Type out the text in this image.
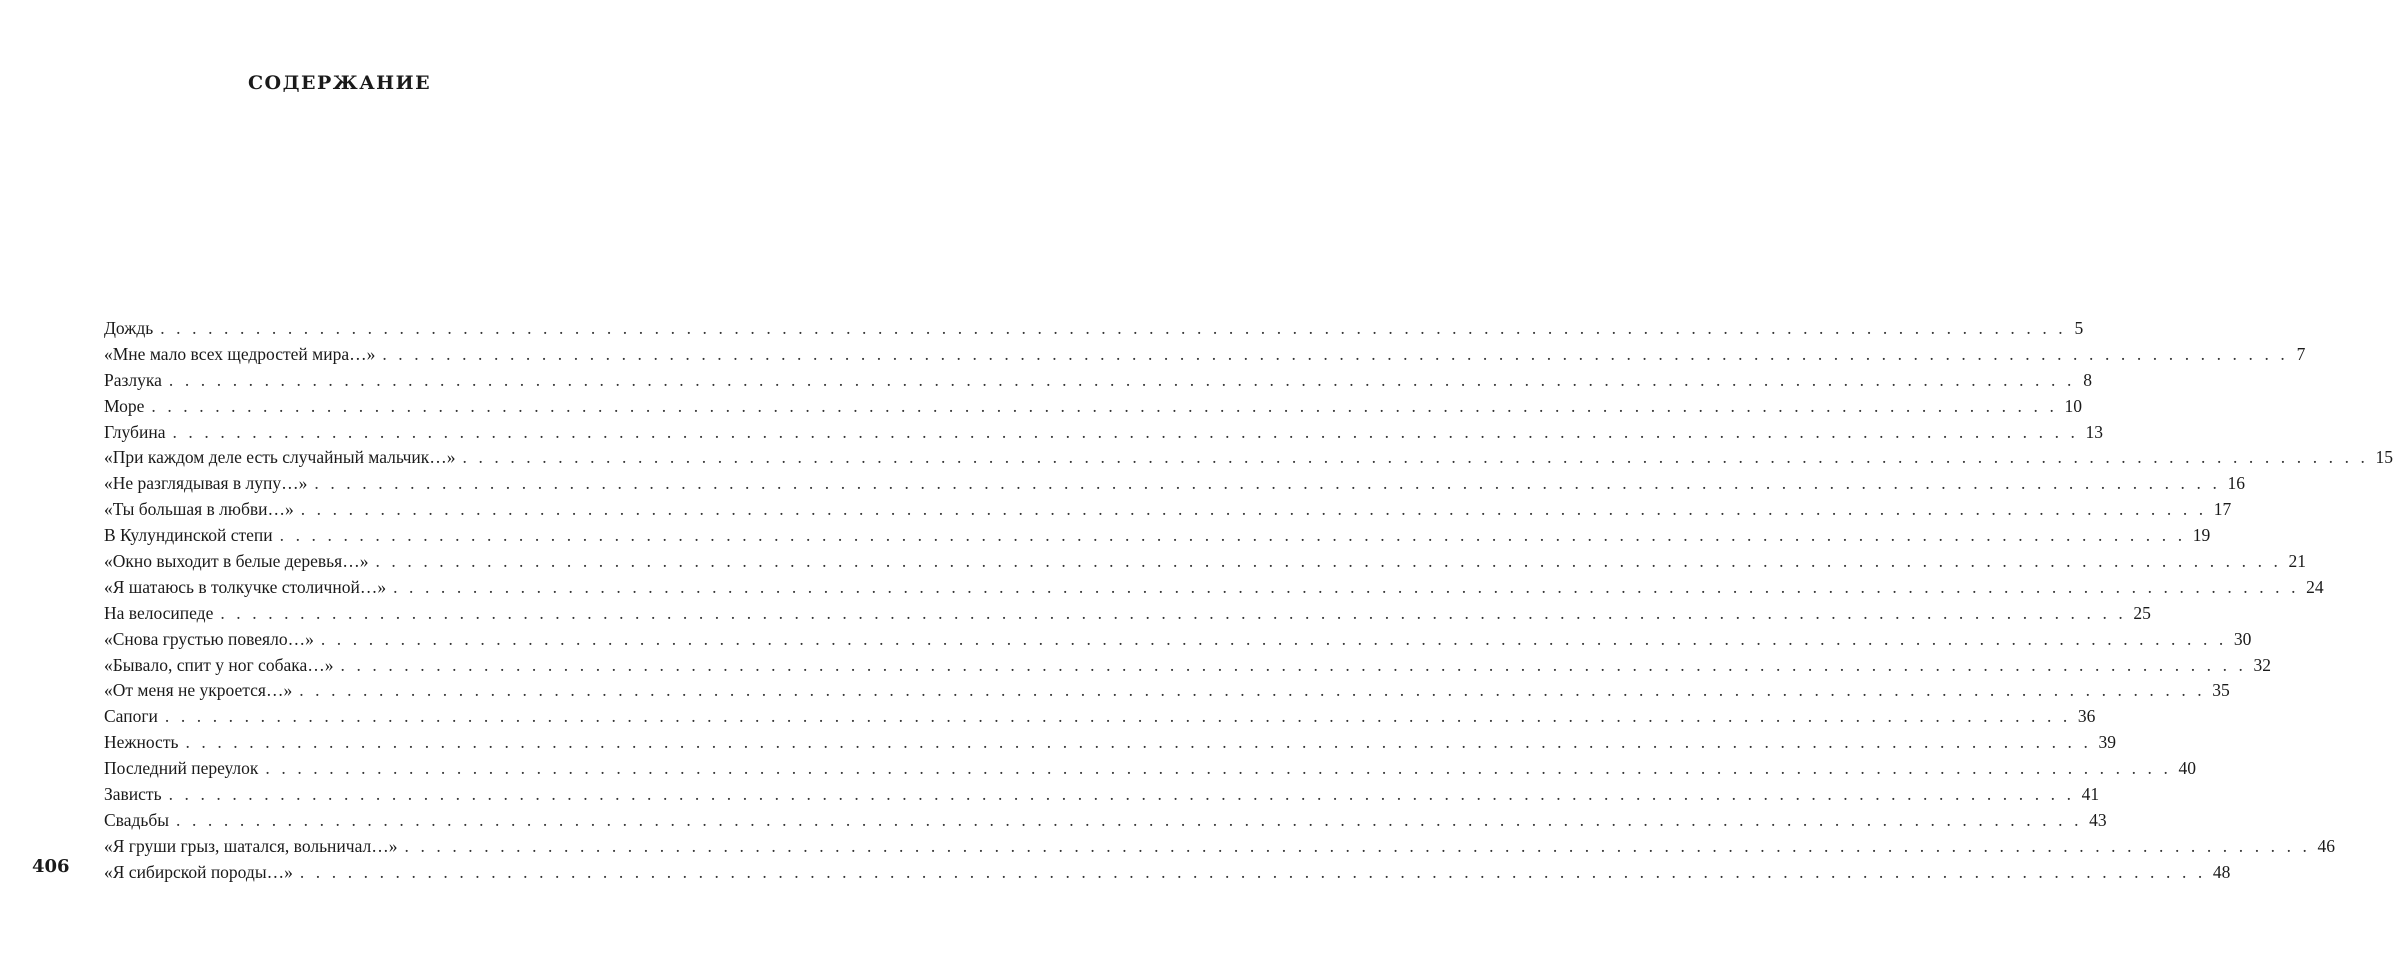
СОДЕРЖАНИЕ
Дождь . . . . . . . . . . . . . . . . . . . . . . . . . . . . . . . . . . . . . . . . . . . . . . . . . . . . . . . . . . . . . . . . . . . . . . . . . . . . . . . . . . . . . . . . . . . . . . . . . . . . . . . . . . . . . . . . . . . . . . . . 5
«Мне мало всех щедростей мира…» . . . . . . . . . . . . . . . . . . . . . . . . . . . . . . . . . . . . . . . . . . . . . . . . . . . . . . . . . . . . . . . . . . . . . . . . . . . . . . . . . . . . . . . . . . . . . . . . . . . . . . . . . . . . . . . . . . . . . . . . 7
Разлука . . . . . . . . . . . . . . . . . . . . . . . . . . . . . . . . . . . . . . . . . . . . . . . . . . . . . . . . . . . . . . . . . . . . . . . . . . . . . . . . . . . . . . . . . . . . . . . . . . . . . . . . . . . . . . . . . . . . . . . . 8
Море . . . . . . . . . . . . . . . . . . . . . . . . . . . . . . . . . . . . . . . . . . . . . . . . . . . . . . . . . . . . . . . . . . . . . . . . . . . . . . . . . . . . . . . . . . . . . . . . . . . . . . . . . . . . . . . . . . . . . . . . 10
Глубина . . . . . . . . . . . . . . . . . . . . . . . . . . . . . . . . . . . . . . . . . . . . . . . . . . . . . . . . . . . . . . . . . . . . . . . . . . . . . . . . . . . . . . . . . . . . . . . . . . . . . . . . . . . . . . . . . . . . . . . . 13
«При каждом деле есть случайный мальчик…» . . . . . . . . . . . . . . . . . . . . . . . . . . . . . . . . . . . . . . . . . . . . . . . . . . . . . . . . . . . . . . . . . . . . . . . . . . . . . . . . . . . . . . . . . . . . . . . . . . . . . . . . . . . . . . . . . . . . . . . . 15
«Не разглядывая в лупу…» . . . . . . . . . . . . . . . . . . . . . . . . . . . . . . . . . . . . . . . . . . . . . . . . . . . . . . . . . . . . . . . . . . . . . . . . . . . . . . . . . . . . . . . . . . . . . . . . . . . . . . . . . . . . . . . . . . . . . . . . 16
«Ты большая в любви…» . . . . . . . . . . . . . . . . . . . . . . . . . . . . . . . . . . . . . . . . . . . . . . . . . . . . . . . . . . . . . . . . . . . . . . . . . . . . . . . . . . . . . . . . . . . . . . . . . . . . . . . . . . . . . . . . . . . . . . . . 17
В Кулундинской степи . . . . . . . . . . . . . . . . . . . . . . . . . . . . . . . . . . . . . . . . . . . . . . . . . . . . . . . . . . . . . . . . . . . . . . . . . . . . . . . . . . . . . . . . . . . . . . . . . . . . . . . . . . . . . . . . . . . . . . . . 19
«Окно выходит в белые деревья…» . . . . . . . . . . . . . . . . . . . . . . . . . . . . . . . . . . . . . . . . . . . . . . . . . . . . . . . . . . . . . . . . . . . . . . . . . . . . . . . . . . . . . . . . . . . . . . . . . . . . . . . . . . . . . . . . . . . . . . . . 21
«Я шатаюсь в толкучке столичной…» . . . . . . . . . . . . . . . . . . . . . . . . . . . . . . . . . . . . . . . . . . . . . . . . . . . . . . . . . . . . . . . . . . . . . . . . . . . . . . . . . . . . . . . . . . . . . . . . . . . . . . . . . . . . . . . . . . . . . . . . 24
На велосипеде . . . . . . . . . . . . . . . . . . . . . . . . . . . . . . . . . . . . . . . . . . . . . . . . . . . . . . . . . . . . . . . . . . . . . . . . . . . . . . . . . . . . . . . . . . . . . . . . . . . . . . . . . . . . . . . . . . . . . . . . 25
«Снова грустью повеяло…» . . . . . . . . . . . . . . . . . . . . . . . . . . . . . . . . . . . . . . . . . . . . . . . . . . . . . . . . . . . . . . . . . . . . . . . . . . . . . . . . . . . . . . . . . . . . . . . . . . . . . . . . . . . . . . . . . . . . . . . . 30
«Бывало, спит у ног собака…» . . . . . . . . . . . . . . . . . . . . . . . . . . . . . . . . . . . . . . . . . . . . . . . . . . . . . . . . . . . . . . . . . . . . . . . . . . . . . . . . . . . . . . . . . . . . . . . . . . . . . . . . . . . . . . . . . . . . . . . . 32
«От меня не укроется…» . . . . . . . . . . . . . . . . . . . . . . . . . . . . . . . . . . . . . . . . . . . . . . . . . . . . . . . . . . . . . . . . . . . . . . . . . . . . . . . . . . . . . . . . . . . . . . . . . . . . . . . . . . . . . . . . . . . . . . . . 35
Сапоги . . . . . . . . . . . . . . . . . . . . . . . . . . . . . . . . . . . . . . . . . . . . . . . . . . . . . . . . . . . . . . . . . . . . . . . . . . . . . . . . . . . . . . . . . . . . . . . . . . . . . . . . . . . . . . . . . . . . . . . . 36
Нежность . . . . . . . . . . . . . . . . . . . . . . . . . . . . . . . . . . . . . . . . . . . . . . . . . . . . . . . . . . . . . . . . . . . . . . . . . . . . . . . . . . . . . . . . . . . . . . . . . . . . . . . . . . . . . . . . . . . . . . . . 39
Последний переулок . . . . . . . . . . . . . . . . . . . . . . . . . . . . . . . . . . . . . . . . . . . . . . . . . . . . . . . . . . . . . . . . . . . . . . . . . . . . . . . . . . . . . . . . . . . . . . . . . . . . . . . . . . . . . . . . . . . . . . . . 40
Зависть . . . . . . . . . . . . . . . . . . . . . . . . . . . . . . . . . . . . . . . . . . . . . . . . . . . . . . . . . . . . . . . . . . . . . . . . . . . . . . . . . . . . . . . . . . . . . . . . . . . . . . . . . . . . . . . . . . . . . . . . 41
Свадьбы . . . . . . . . . . . . . . . . . . . . . . . . . . . . . . . . . . . . . . . . . . . . . . . . . . . . . . . . . . . . . . . . . . . . . . . . . . . . . . . . . . . . . . . . . . . . . . . . . . . . . . . . . . . . . . . . . . . . . . . . 43
«Я груши грыз, шатался, вольничал…» . . . . . . . . . . . . . . . . . . . . . . . . . . . . . . . . . . . . . . . . . . . . . . . . . . . . . . . . . . . . . . . . . . . . . . . . . . . . . . . . . . . . . . . . . . . . . . . . . . . . . . . . . . . . . . . . . . . . . . . . 46
«Я сибирской породы…» . . . . . . . . . . . . . . . . . . . . . . . . . . . . . . . . . . . . . . . . . . . . . . . . . . . . . . . . . . . . . . . . . . . . . . . . . . . . . . . . . . . . . . . . . . . . . . . . . . . . . . . . . . . . . . . . . . . . . . . . 48
406
